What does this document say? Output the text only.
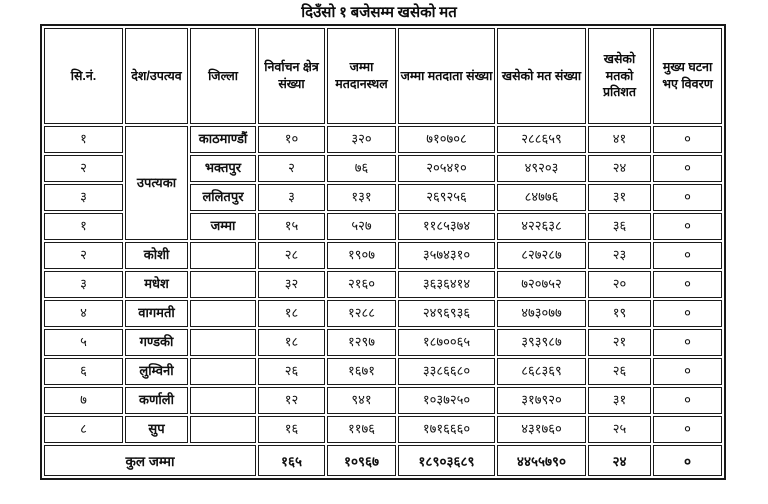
दिउँसो १ बजेसम्म खसेको मत
सि.नं.	देश/उपत्यव	जिल्ला	निर्वाचन क्षेत्र संख्या	जम्मा मतदानस्थल	जम्मा मतदाता संख्या	खसेको मत संख्या	खसेको मतको प्रतिशत	मुख्य घटना भए विवरण
१	उपत्यका	काठमाण्डौं	१०	३२०	७१०७०८	२८८६५९	४१	०
२		भक्तपुर	२	७६	२०५४१०	४९२०३	२४	०
३		ललितपुर	३	१३१	२६९२५६	८४७७६	३१	०
१		जम्मा	१५	५२७	११८५३७४	४२२६३८	३६	०
२	कोशी		२८	१९०७	३५७४३१०	८२७२८७	२३	०
३	मधेश		३२	२१६०	३६३६४१४	७२०७५२	२०	०
४	वागमती		१८	१२८८	२४९६९३६	४७३०७७	१९	०
५	गण्डकी		१८	१२९७	१८७००६५	३९३९८७	२१	०
६	लुम्विनी		२६	१६७१	३३८६६८०	८६८३६९	२६	०
७	कर्णाली		१२	९४१	१०३७२५०	३१७९२०	३१	०
८	सुप		१६	११७६	१७१६६६०	४३१७६०	२५	०
कुल जम्मा			१६५	१०९६७	१८९०३६८९	४४५५७९०	२४	०
